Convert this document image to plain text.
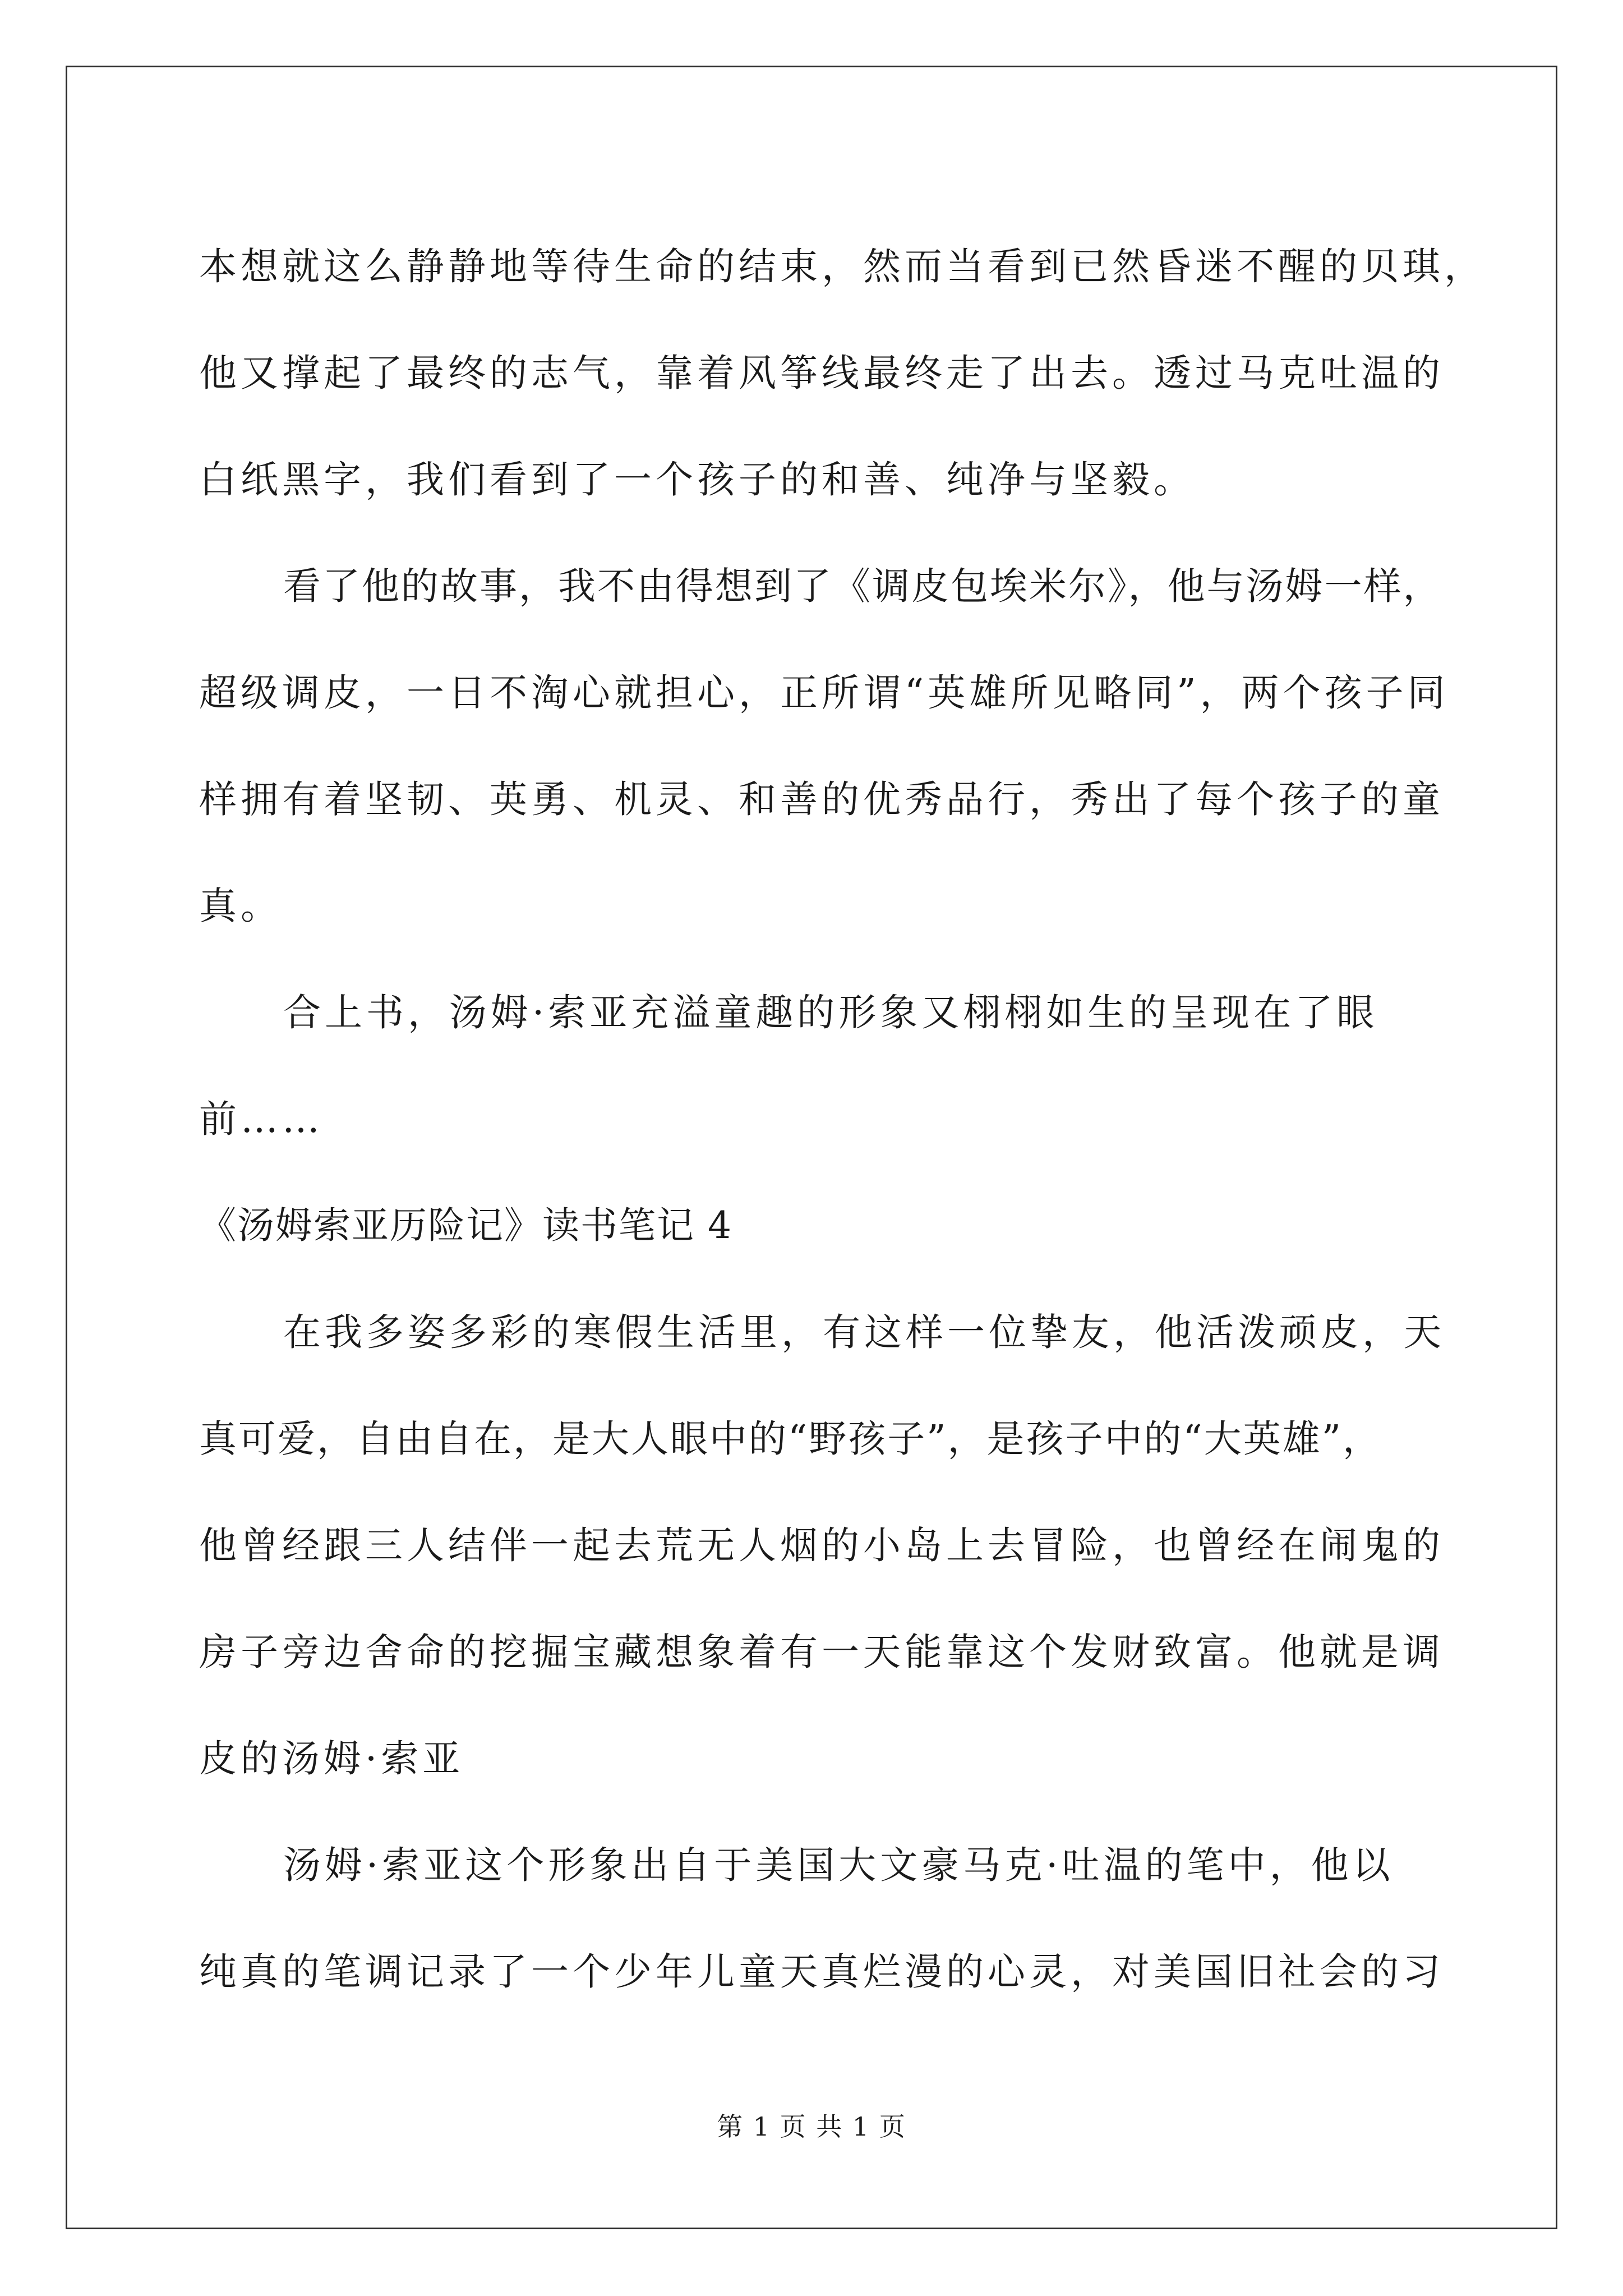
本想就这么静静地等待生命的结束，然而当看到已然昏迷不醒的贝琪，
他又撑起了最终的志气，靠着风筝线最终走了出去。透过马克吐温的
白纸黑字，我们看到了一个孩子的和善、纯净与坚毅。
看了他的故事，我不由得想到了《调皮包埃米尔》，他与汤姆一样，
超级调皮，一日不淘心就担心，正所谓“英雄所见略同”，两个孩子同
样拥有着坚韧、英勇、机灵、和善的优秀品行，秀出了每个孩子的童
真。
合上书，汤姆·索亚充溢童趣的形象又栩栩如生的呈现在了眼
前……
《汤姆索亚历险记》读书笔记 4
在我多姿多彩的寒假生活里，有这样一位挚友，他活泼顽皮，天
真可爱，自由自在，是大人眼中的“野孩子”，是孩子中的“大英雄”，
他曾经跟三人结伴一起去荒无人烟的小岛上去冒险，也曾经在闹鬼的
房子旁边舍命的挖掘宝藏想象着有一天能靠这个发财致富。他就是调
皮的汤姆·索亚
汤姆·索亚这个形象出自于美国大文豪马克·吐温的笔中，他以
纯真的笔调记录了一个少年儿童天真烂漫的心灵，对美国旧社会的习
第 1 页 共 1 页
